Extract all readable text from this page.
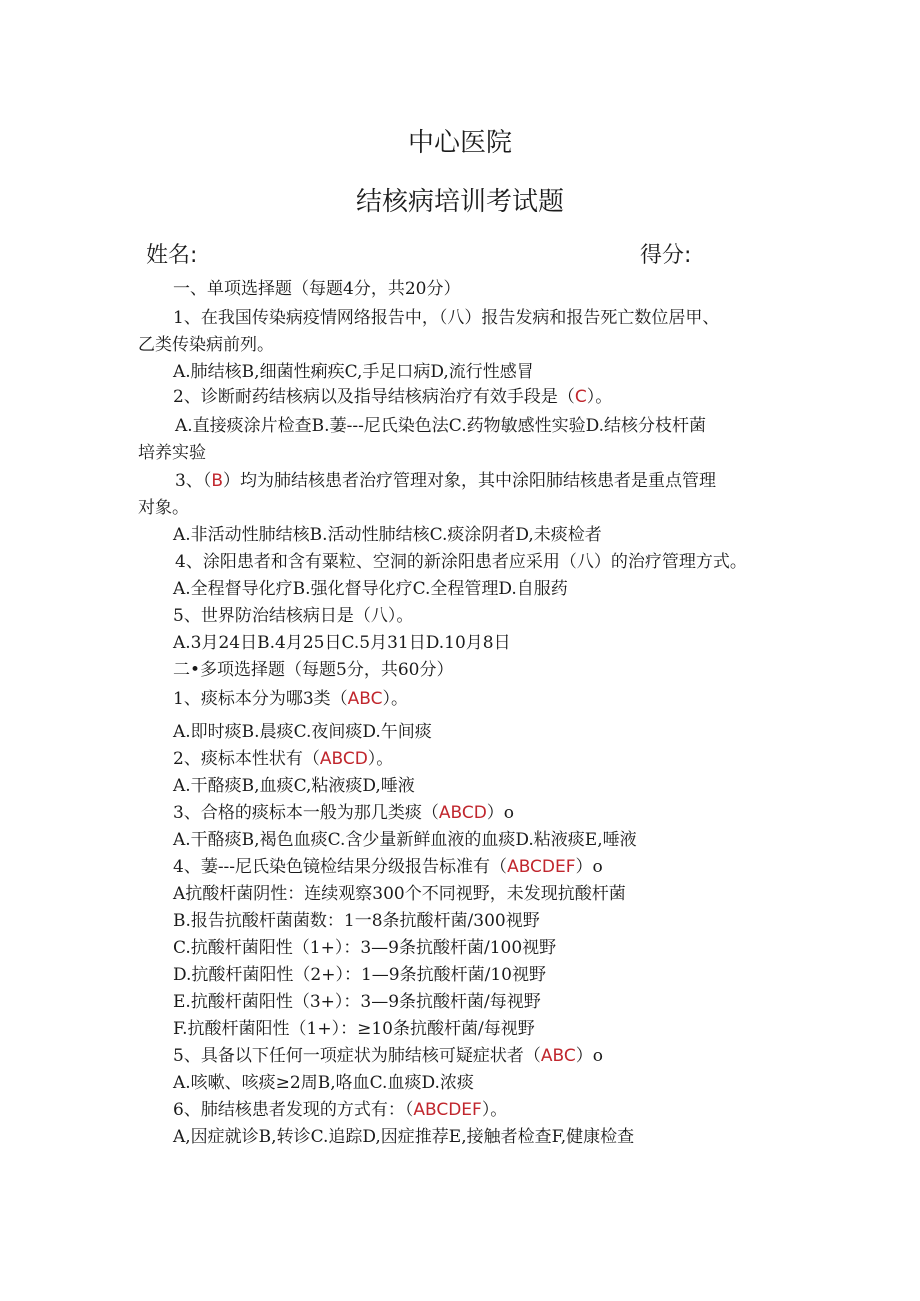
中心医院
结核病培训考试题
姓名:	得分:
一、单项选择题（每题4分，共20分）
1、在我国传染病疫情网络报告中，（八）报告发病和报告死亡数位居甲、
乙类传染病前列。
A.肺结核B,细菌性痢疾C,手足口病D,流行性感冒
2、诊断耐药结核病以及指导结核病治疗有效手段是（C）。
A.直接痰涂片检查B.萋---尼氏染色法C.药物敏感性实验D.结核分枝杆菌
培养实验
3、（B）均为肺结核患者治疗管理对象，其中涂阳肺结核患者是重点管理
对象。
A.非活动性肺结核B.活动性肺结核C.痰涂阴者D,未痰检者
4、涂阳患者和含有粟粒、空洞的新涂阳患者应采用（八）的治疗管理方式。
A.全程督导化疗B.强化督导化疗C.全程管理D.自服药
5、世界防治结核病日是（八）。
A.3月24日B.4月25日C.5月31日D.10月8日
二•多项选择题（每题5分，共60分）
1、痰标本分为哪3类（ABC）。
A.即时痰B.晨痰C.夜间痰D.午间痰
2、痰标本性状有（ABCD）。
A.干酪痰B,血痰C,粘液痰D,唾液
3、合格的痰标本一般为那几类痰（ABCD）o
A.干酪痰B,褐色血痰C.含少量新鲜血液的血痰D.粘液痰E,唾液
4、萋---尼氏染色镜检结果分级报告标准有（ABCDEF）o
A抗酸杆菌阴性：连续观察300个不同视野，未发现抗酸杆菌
B.报告抗酸杆菌菌数：1一8条抗酸杆菌/300视野
C.抗酸杆菌阳性（1+）：3—9条抗酸杆菌/100视野
D.抗酸杆菌阳性（2+）：1—9条抗酸杆菌/10视野
E.抗酸杆菌阳性（3+）：3—9条抗酸杆菌/每视野
F.抗酸杆菌阳性（1+）：≥10条抗酸杆菌/每视野
5、具备以下任何一项症状为肺结核可疑症状者（ABC）o
A.咳嗽、咳痰≥2周B,咯血C.血痰D.浓痰
6、肺结核患者发现的方式有：（ABCDEF）。
A,因症就诊B,转诊C.追踪D,因症推荐E,接触者检查F,健康检查
